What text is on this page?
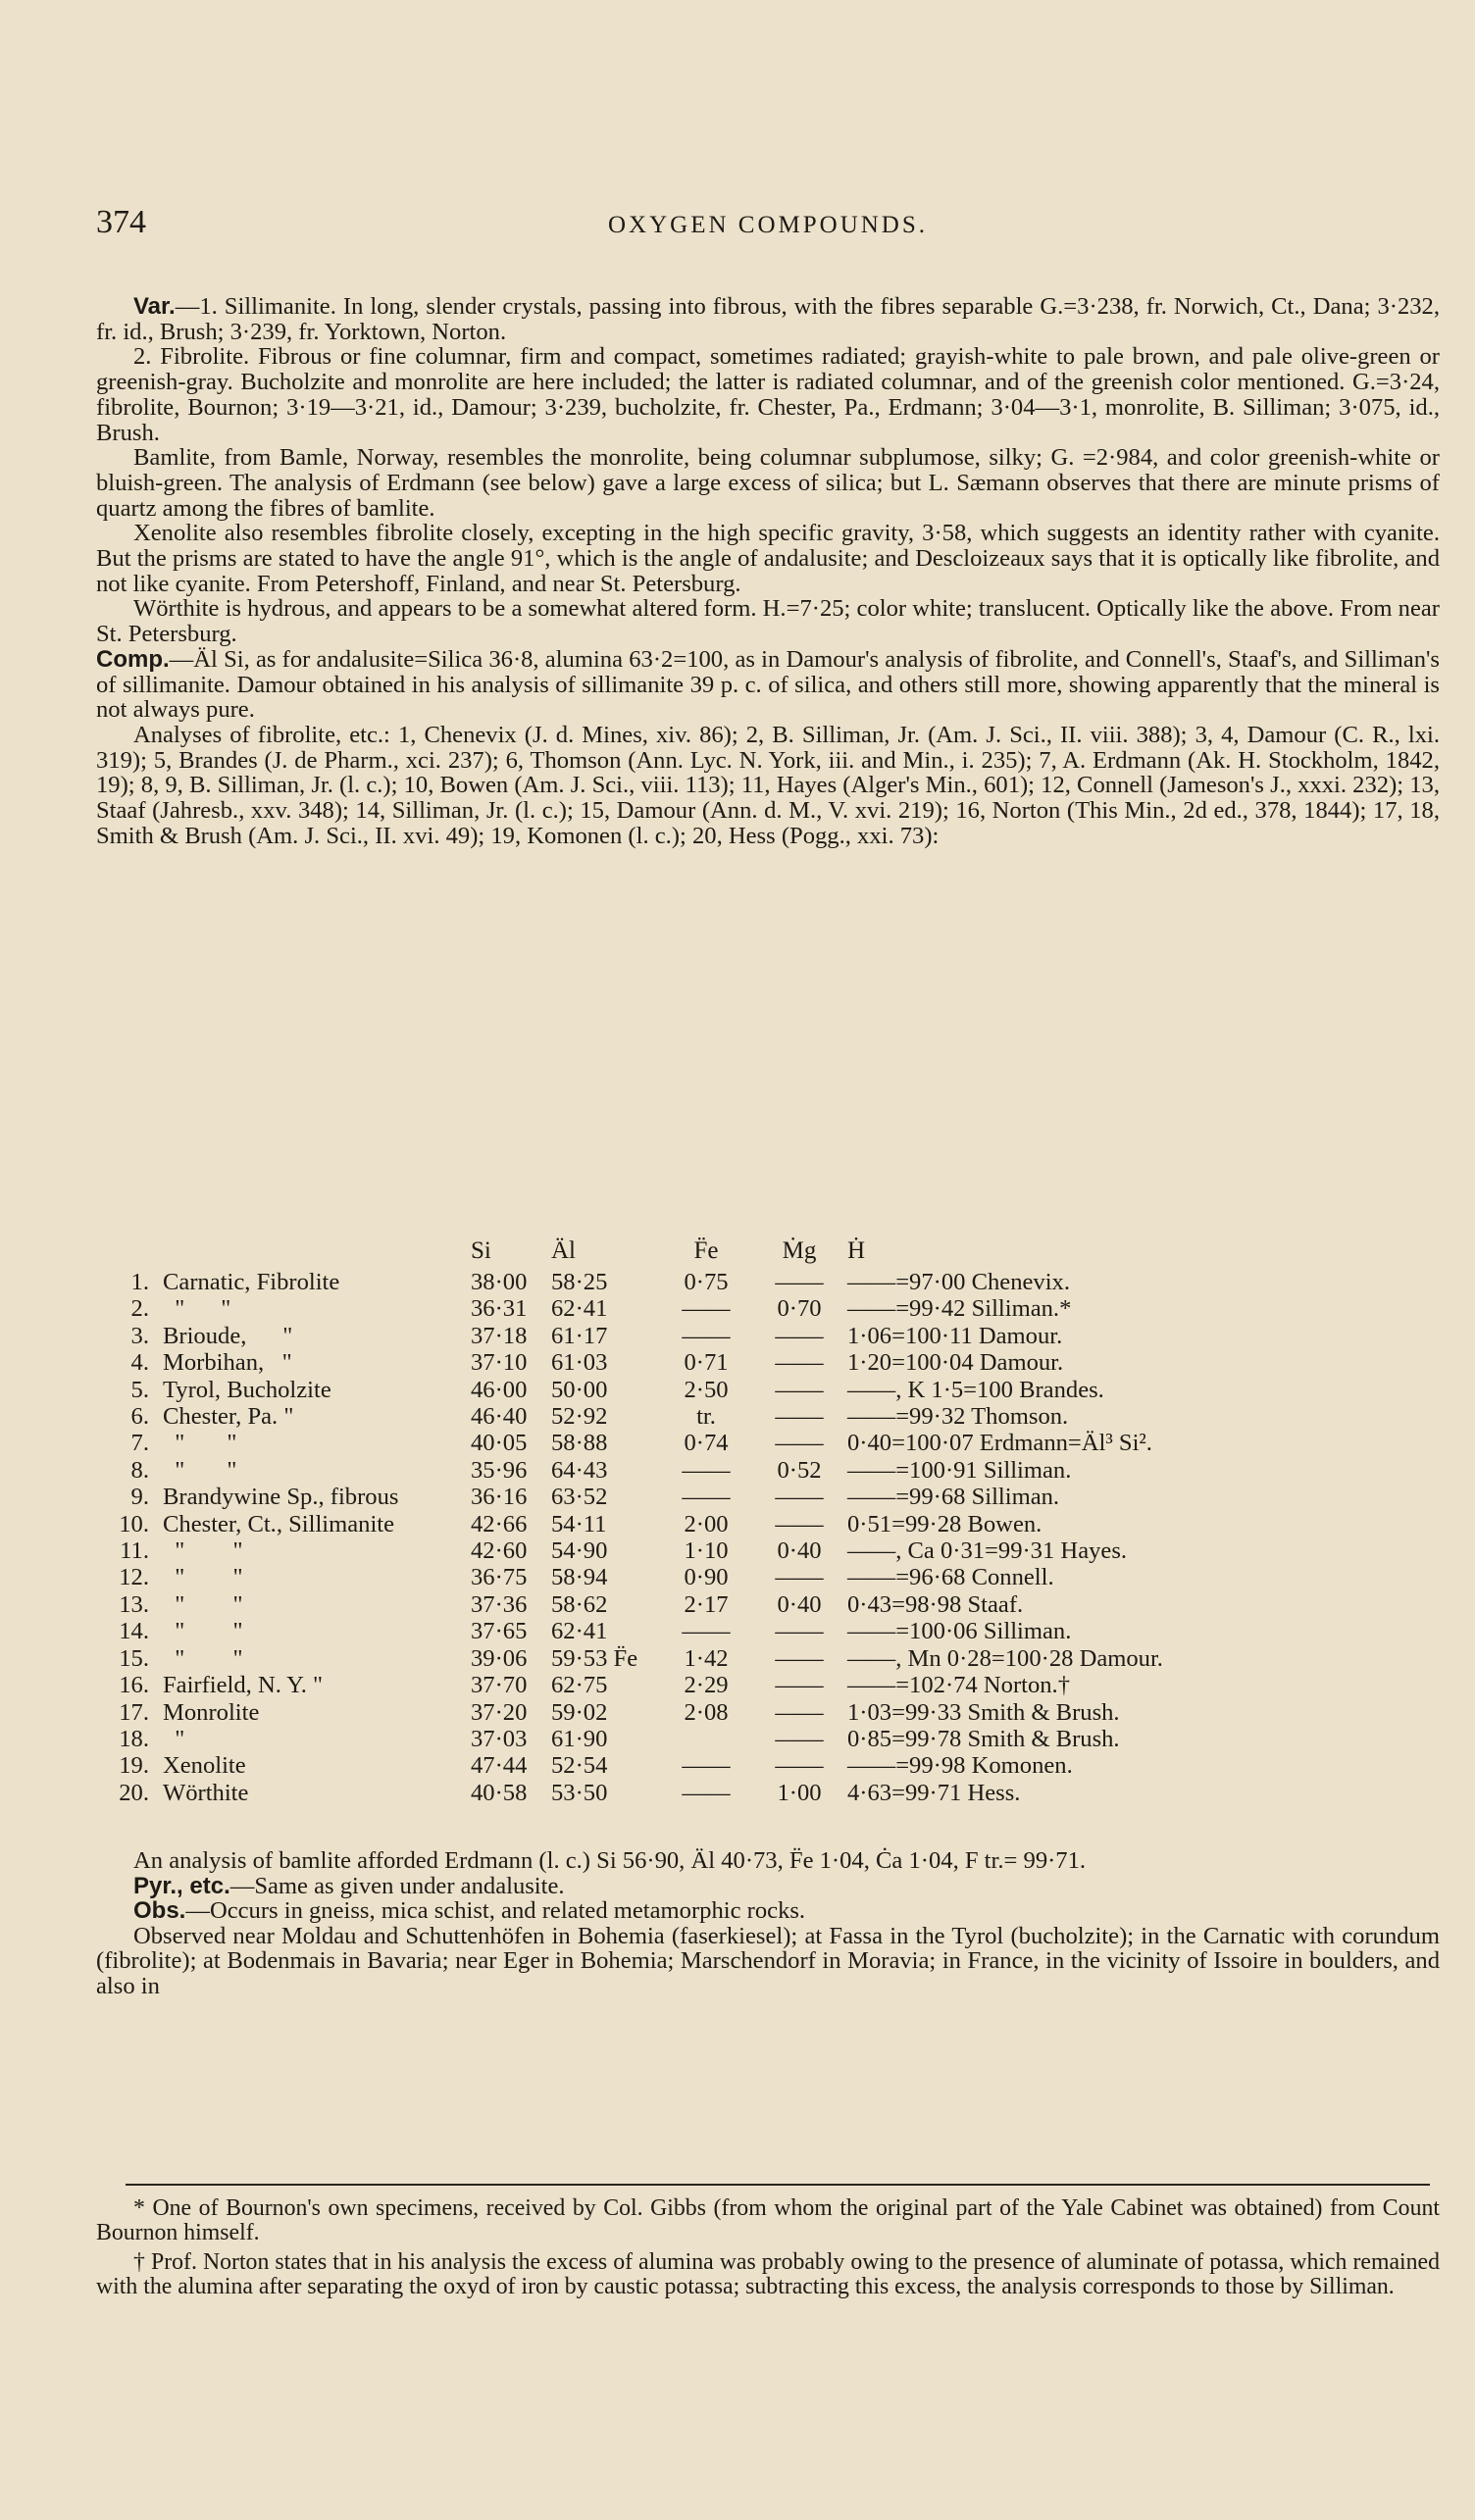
374	OXYGEN COMPOUNDS.

Var.—1. Sillimanite. In long, slender crystals, passing into fibrous, with the fibres separable G.=3·238, fr. Norwich, Ct., Dana; 3·232, fr. id., Brush; 3·239, fr. Yorktown, Norton.

2. Fibrolite. Fibrous or fine columnar, firm and compact, sometimes radiated; grayish-white to pale brown, and pale olive-green or greenish-gray. Bucholzite and monrolite are here included; the latter is radiated columnar, and of the greenish color mentioned. G.=3·24, fibrolite, Bournon; 3·19—3·21, id., Damour; 3·239, bucholzite, fr. Chester, Pa., Erdmann; 3·04—3·1, monrolite, B. Silliman; 3·075, id., Brush.

Bamlite, from Bamle, Norway, resembles the monrolite, being columnar subplumose, silky; G. =2·984, and color greenish-white or bluish-green. The analysis of Erdmann (see below) gave a large excess of silica; but L. Sæmann observes that there are minute prisms of quartz among the fibres of bamlite.

Xenolite also resembles fibrolite closely, excepting in the high specific gravity, 3·58, which suggests an identity rather with cyanite. But the prisms are stated to have the angle 91°, which is the angle of andalusite; and Descloizeaux says that it is optically like fibrolite, and not like cyanite. From Petershoff, Finland, and near St. Petersburg.

Wörthite is hydrous, and appears to be a somewhat altered form. H.=7·25; color white; translucent. Optically like the above. From near St. Petersburg.

Comp.—Äl Si, as for andalusite=Silica 36·8, alumina 63·2=100, as in Damour's analysis of fibrolite, and Connell's, Staaf's, and Silliman's of sillimanite. Damour obtained in his analysis of sillimanite 39 p. c. of silica, and others still more, showing apparently that the mineral is not always pure.

Analyses of fibrolite, etc.: 1, Chenevix (J. d. Mines, xiv. 86); 2, B. Silliman, Jr. (Am. J. Sci., II. viii. 388); 3, 4, Damour (C. R., lxi. 319); 5, Brandes (J. de Pharm., xci. 237); 6, Thomson (Ann. Lyc. N. York, iii. and Min., i. 235); 7, A. Erdmann (Ak. H. Stockholm, 1842, 19); 8, 9, B. Silliman, Jr. (l. c.); 10, Bowen (Am. J. Sci., viii. 113); 11, Hayes (Alger's Min., 601); 12, Connell (Jameson's J., xxxi. 232); 13, Staaf (Jahresb., xxv. 348); 14, Silliman, Jr. (l. c.); 15, Damour (Ann. d. M., V. xvi. 219); 16, Norton (This Min., 2d ed., 378, 1844); 17, 18, Smith & Brush (Am. J. Sci., II. xvi. 49); 19, Komonen (l. c.); 20, Hess (Pogg., xxi. 73):

		Si	Äl	F̈e	Ṁg	Ḣ
1.	Carnatic, Fibrolite	38·00	58·25	0·75	——	——=97·00 Chenevix.
2.	"      "	36·31	62·41	——	0·70	——=99·42 Silliman.*
3.	Brioude,      "	37·18	61·17	——	——	1·06=100·11 Damour.
4.	Morbihan,   "	37·10	61·03	0·71	——	1·20=100·04 Damour.
5.	Tyrol, Bucholzite	46·00	50·00	2·50	——	——, K 1·5=100 Brandes.
6.	Chester, Pa. "	46·40	52·92	tr.	——	——=99·32 Thomson.
7.	"       "	40·05	58·88	0·74	——	0·40=100·07 Erdmann=Äl³ Si².
8.	"       "	35·96	64·43	——	0·52	——=100·91 Silliman.
9.	Brandywine Sp., fibrous	36·16	63·52	——	——	——=99·68 Silliman.
10.	Chester, Ct., Sillimanite	42·66	54·11	2·00	——	0·51=99·28 Bowen.
11.	"        "	42·60	54·90	1·10	0·40	——, Ca 0·31=99·31 Hayes.
12.	"        "	36·75	58·94	0·90	——	——=96·68 Connell.
13.	"        "	37·36	58·62	2·17	0·40	0·43=98·98 Staaf.
14.	"        "	37·65	62·41	——	——	——=100·06 Silliman.
15.	"        "	39·06	59·53 F̈e	1·42	——	——, Mn 0·28=100·28 Damour.
16.	Fairfield, N. Y. "	37·70	62·75	2·29	——	——=102·74 Norton.†
17.	Monrolite	37·20	59·02	2·08	——	1·03=99·33 Smith & Brush.
18.	"	37·03	61·90		——	0·85=99·78 Smith & Brush.
19.	Xenolite	47·44	52·54	——	——	——=99·98 Komonen.
20.	Wörthite	40·58	53·50	——	1·00	4·63=99·71 Hess.

An analysis of bamlite afforded Erdmann (l. c.) Si 56·90, Äl 40·73, F̈e 1·04, Ċa 1·04, F tr.= 99·71.

Pyr., etc.—Same as given under andalusite.

Obs.—Occurs in gneiss, mica schist, and related metamorphic rocks.

Observed near Moldau and Schuttenhöfen in Bohemia (faserkiesel); at Fassa in the Tyrol (bucholzite); in the Carnatic with corundum (fibrolite); at Bodenmais in Bavaria; near Eger in Bohemia; Marschendorf in Moravia; in France, in the vicinity of Issoire in boulders, and also in

* One of Bournon's own specimens, received by Col. Gibbs (from whom the original part of the Yale Cabinet was obtained) from Count Bournon himself.

† Prof. Norton states that in his analysis the excess of alumina was probably owing to the presence of aluminate of potassa, which remained with the alumina after separating the oxyd of iron by caustic potassa; subtracting this excess, the analysis corresponds to those by Silliman.
